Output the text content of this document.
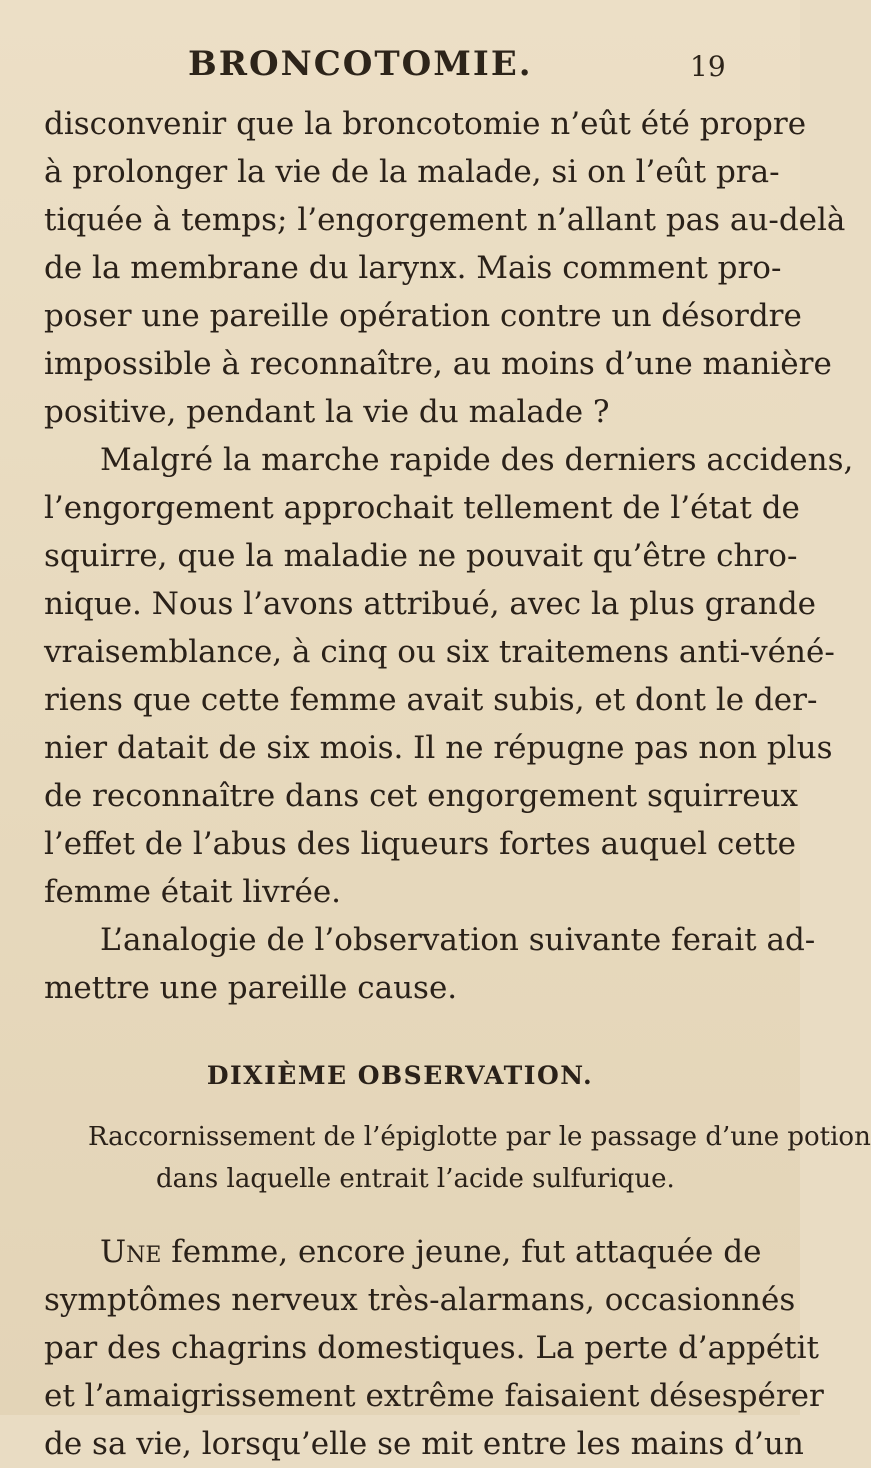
BRONCOTOMIE.	19
disconvenir que la broncotomie n’eût été propre
à prolonger la vie de la malade, si on l’eût pra-
tiquée à temps; l’engorgement n’allant pas au-delà
de la membrane du larynx. Mais comment pro-
poser une pareille opération contre un désordre
impossible à reconnaître, au moins d’une manière
positive, pendant la vie du malade ?
Malgré la marche rapide des derniers accidens,
l’engorgement approchait tellement de l’état de
squirre, que la maladie ne pouvait qu’être chro-
nique. Nous l’avons attribué, avec la plus grande
vraisemblance, à cinq ou six traitemens anti-véné-
riens que cette femme avait subis, et dont le der-
nier datait de six mois. Il ne répugne pas non plus
de reconnaître dans cet engorgement squirreux
l’effet de l’abus des liqueurs fortes auquel cette
femme était livrée.
L’analogie de l’observation suivante ferait ad-
mettre une pareille cause.
DIXIÈME OBSERVATION.
Raccornissement de l’épiglotte par le passage d’une potion
dans laquelle entrait l’acide sulfurique.
Une femme, encore jeune, fut attaquée de
symptômes nerveux très-alarmans, occasionnés
par des chagrins domestiques. La perte d’appétit
et l’amaigrissement extrême faisaient désespérer
de sa vie, lorsqu’elle se mit entre les mains d’un
